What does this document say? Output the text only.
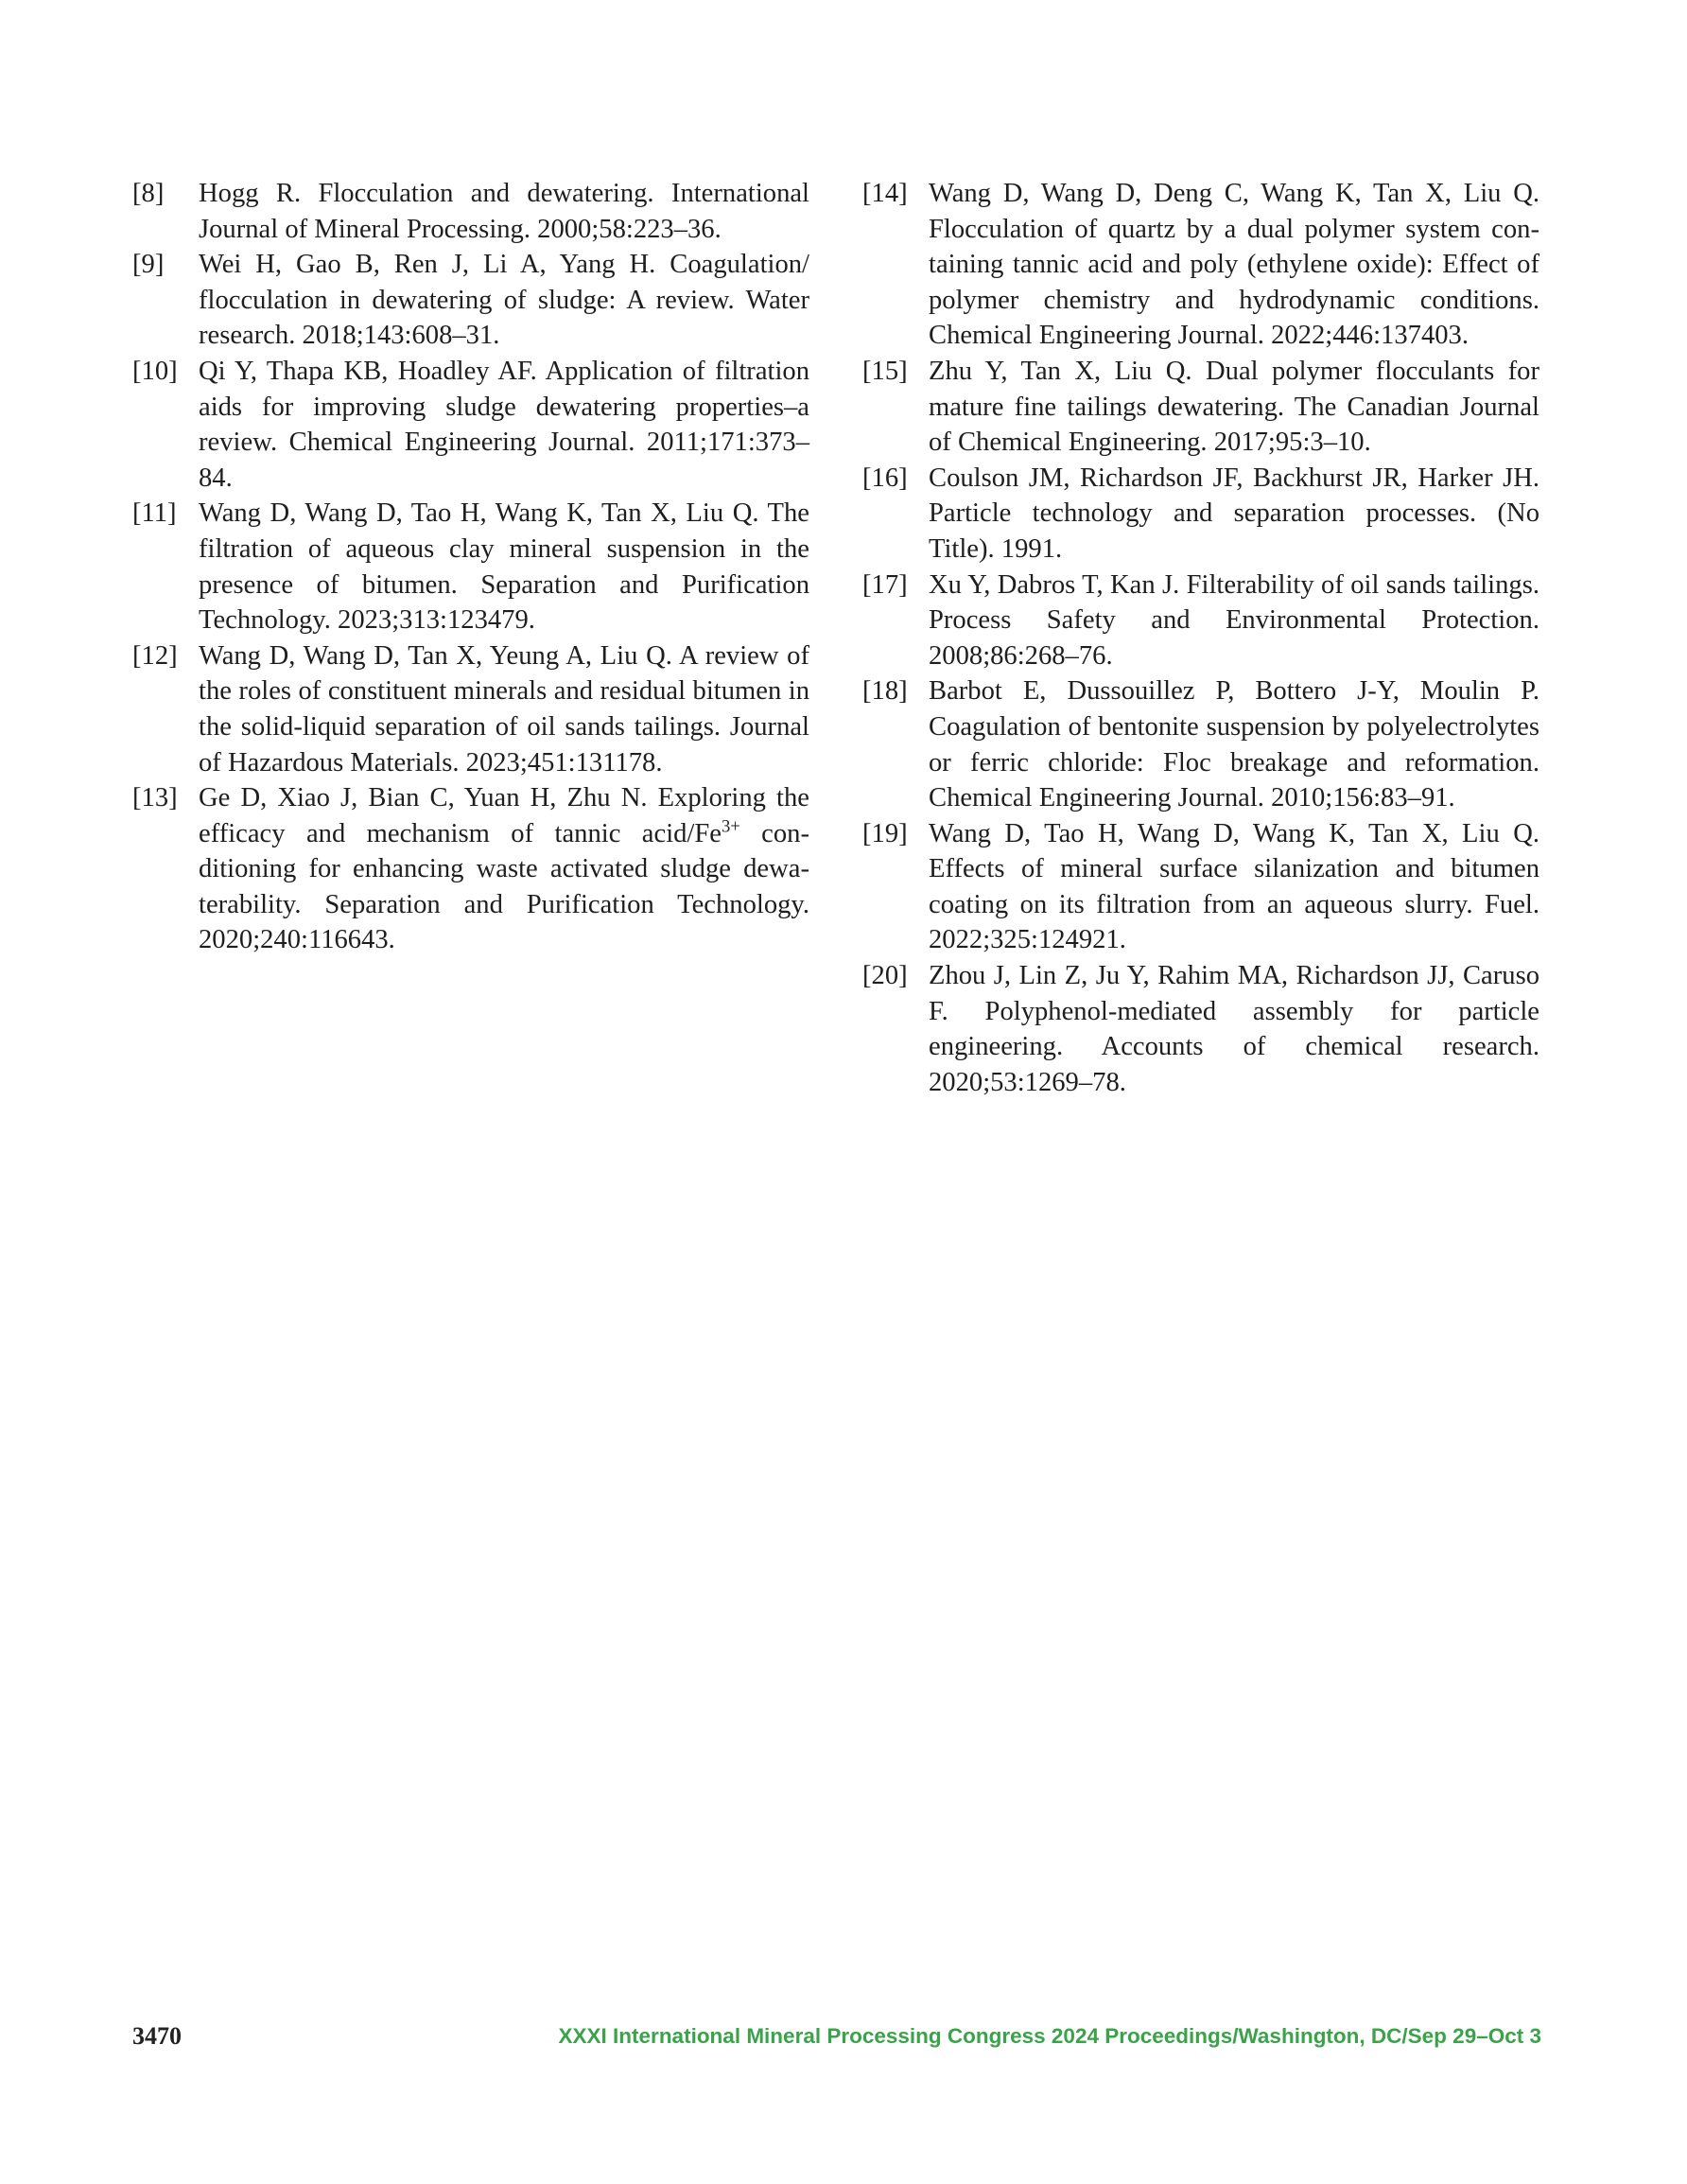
[8]	Hogg R. Flocculation and dewatering. International Journal of Mineral Processing. 2000;58:223–36.
[9]	Wei H, Gao B, Ren J, Li A, Yang H. Coagulation/ flocculation in dewatering of sludge: A review. Water research. 2018;143:608–31.
[10] Qi Y, Thapa KB, Hoadley AF. Application of filtration aids for improving sludge dewatering properties–a review. Chemical Engineering Journal. 2011;171:373–84.
[11] Wang D, Wang D, Tao H, Wang K, Tan X, Liu Q. The filtration of aqueous clay mineral suspension in the presence of bitumen. Separation and Purification Technology. 2023;313:123479.
[12] Wang D, Wang D, Tan X, Yeung A, Liu Q. A review of the roles of constituent minerals and residual bitumen in the solid-liquid separation of oil sands tailings. Journal of Hazardous Materials. 2023;451:131178.
[13] Ge D, Xiao J, Bian C, Yuan H, Zhu N. Exploring the efficacy and mechanism of tannic acid/$Fe^{3+}$ conditioning for enhancing waste activated sludge dewaterability. Separation and Purification Technology. 2020;240:116643.
[14] Wang D, Wang D, Deng C, Wang K, Tan X, Liu Q. Flocculation of quartz by a dual polymer system containing tannic acid and poly (ethylene oxide): Effect of polymer chemistry and hydrodynamic conditions. Chemical Engineering Journal. 2022;446:137403.
[15] Zhu Y, Tan X, Liu Q. Dual polymer flocculants for mature fine tailings dewatering. The Canadian Journal of Chemical Engineering. 2017;95:3–10.
[16] Coulson JM, Richardson JF, Backhurst JR, Harker JH. Particle technology and separation processes. (No Title). 1991.
[17] Xu Y, Dabros T, Kan J. Filterability of oil sands tailings. Process Safety and Environmental Protection. 2008;86:268–76.
[18] Barbot E, Dussouillez P, Bottero J-Y, Moulin P. Coagulation of bentonite suspension by polyelectrolytes or ferric chloride: Floc breakage and reformation. Chemical Engineering Journal. 2010;156:83–91.
[19] Wang D, Tao H, Wang D, Wang K, Tan X, Liu Q. Effects of mineral surface silanization and bitumen coating on its filtration from an aqueous slurry. Fuel. 2022;325:124921.
[20] Zhou J, Lin Z, Ju Y, Rahim MA, Richardson JJ, Caruso F. Polyphenol-mediated assembly for particle engineering. Accounts of chemical research. 2020;53:1269–78.
3470	XXXI International Mineral Processing Congress 2024 Proceedings/Washington, DC/Sep 29–Oct 3
